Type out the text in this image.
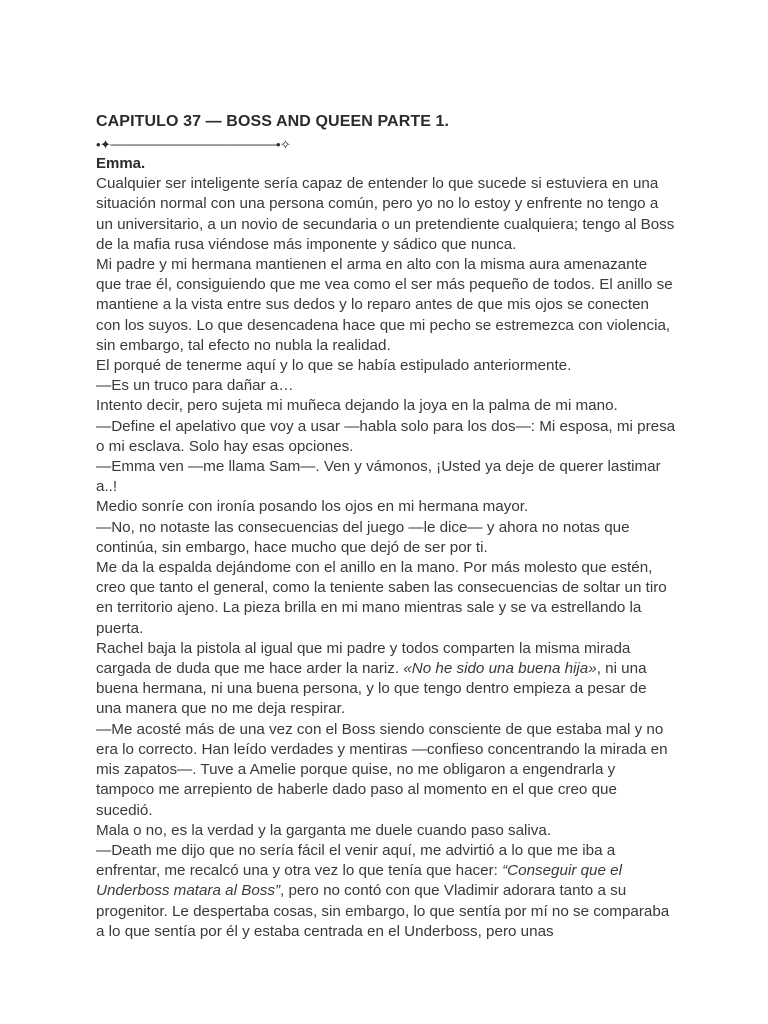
CAPITULO 37 — BOSS AND QUEEN PARTE 1.
•✦───────────────────•✧
Emma.

Cualquier ser inteligente sería capaz de entender lo que sucede si estuviera en una situación normal con una persona común, pero yo no lo estoy y enfrente no tengo a un universitario, a un novio de secundaria o un pretendiente cualquiera; tengo al Boss de la mafia rusa viéndose más imponente y sádico que nunca.

Mi padre y mi hermana mantienen el arma en alto con la misma aura amenazante que trae él, consiguiendo que me vea como el ser más pequeño de todos. El anillo se mantiene a la vista entre sus dedos y lo reparo antes de que mis ojos se conecten con los suyos. Lo que desencadena hace que mi pecho se estremezca con violencia, sin embargo, tal efecto no nubla la realidad.

El porqué de tenerme aquí y lo que se había estipulado anteriormente.

—Es un truco para dañar a…

Intento decir, pero sujeta mi muñeca dejando la joya en la palma de mi mano.

—Define el apelativo que voy a usar —habla solo para los dos—: Mi esposa, mi presa o mi esclava. Solo hay esas opciones.

—Emma ven —me llama Sam—. Ven y vámonos, ¡Usted ya deje de querer lastimar a..!

Medio sonríe con ironía posando los ojos en mi hermana mayor.

—No, no notaste las consecuencias del juego —le dice— y ahora no notas que continúa, sin embargo, hace mucho que dejó de ser por ti.

Me da la espalda dejándome con el anillo en la mano. Por más molesto que estén, creo que tanto el general, como la teniente saben las consecuencias de soltar un tiro en territorio ajeno. La pieza brilla en mi mano mientras sale y se va estrellando la puerta.

Rachel baja la pistola al igual que mi padre y todos comparten la misma mirada cargada de duda que me hace arder la nariz. «No he sido una buena hija», ni una buena hermana, ni una buena persona, y lo que tengo dentro empieza a pesar de una manera que no me deja respirar.

—Me acosté más de una vez con el Boss siendo consciente de que estaba mal y no era lo correcto. Han leído verdades y mentiras —confieso concentrando la mirada en mis zapatos—. Tuve a Amelie porque quise, no me obligaron a engendrarla y tampoco me arrepiento de haberle dado paso al momento en el que creo que sucedió.

Mala o no, es la verdad y la garganta me duele cuando paso saliva.

—Death me dijo que no sería fácil el venir aquí, me advirtió a lo que me iba a enfrentar, me recalcó una y otra vez lo que tenía que hacer: “Conseguir que el Underboss matara al Boss”, pero no contó con que Vladimir adorara tanto a su progenitor. Le despertaba cosas, sin embargo, lo que sentía por mí no se comparaba a lo que sentía por él y estaba centrada en el Underboss, pero unas
